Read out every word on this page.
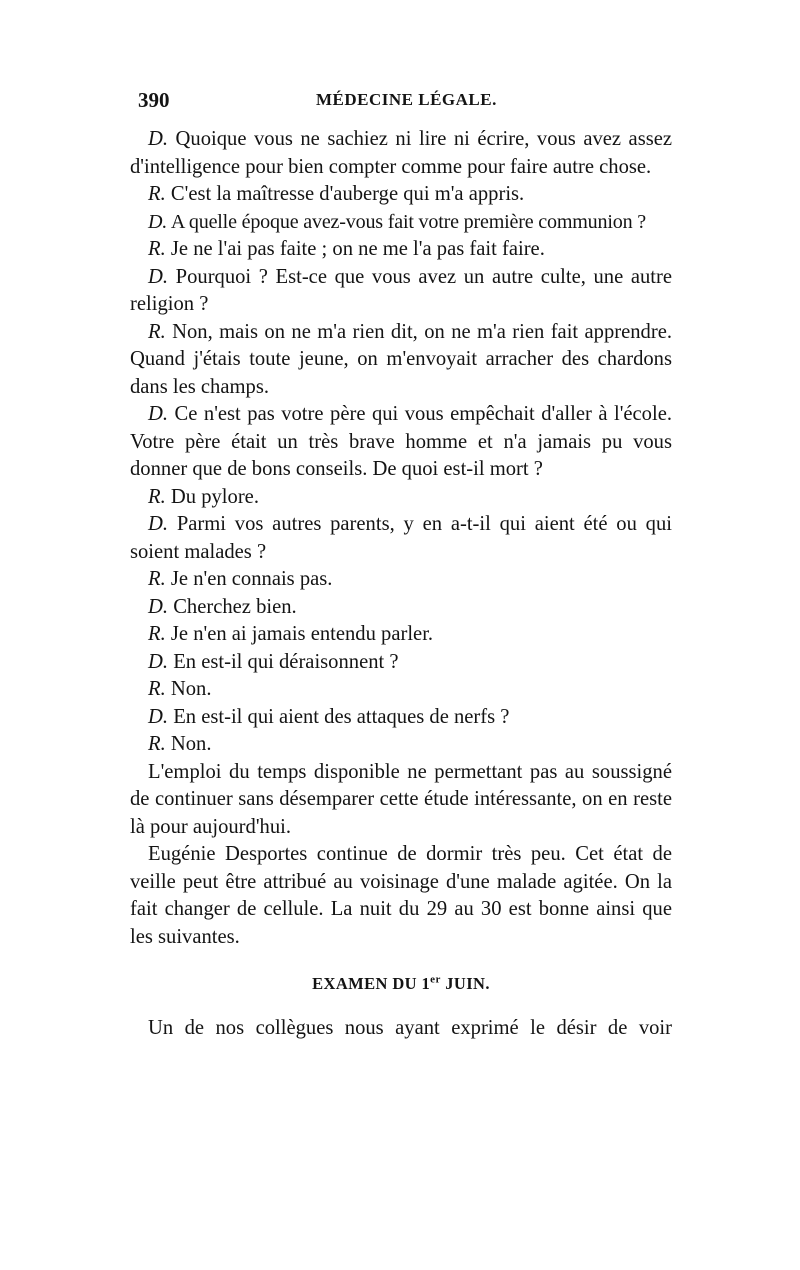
390	MÉDECINE LÉGALE.

D. Quoique vous ne sachiez ni lire ni écrire, vous avez assez d'intelligence pour bien compter comme pour faire autre chose.

R. C'est la maîtresse d'auberge qui m'a appris.

D. A quelle époque avez-vous fait votre première communion ?

R. Je ne l'ai pas faite ; on ne me l'a pas fait faire.

D. Pourquoi ? Est-ce que vous avez un autre culte, une autre religion ?

R. Non, mais on ne m'a rien dit, on ne m'a rien fait apprendre. Quand j'étais toute jeune, on m'envoyait arracher des chardons dans les champs.

D. Ce n'est pas votre père qui vous empêchait d'aller à l'école. Votre père était un très brave homme et n'a jamais pu vous donner que de bons conseils. De quoi est-il mort ?

R. Du pylore.

D. Parmi vos autres parents, y en a-t-il qui aient été ou qui soient malades ?

R. Je n'en connais pas.

D. Cherchez bien.

R. Je n'en ai jamais entendu parler.

D. En est-il qui déraisonnent ?

R. Non.

D. En est-il qui aient des attaques de nerfs ?

R. Non.

L'emploi du temps disponible ne permettant pas au soussigné de continuer sans désemparer cette étude intéressante, on en reste là pour aujourd'hui.

Eugénie Desportes continue de dormir très peu. Cet état de veille peut être attribué au voisinage d'une malade agitée. On la fait changer de cellule. La nuit du 29 au 30 est bonne ainsi que les suivantes.

EXAMEN DU 1er JUIN.

Un de nos collègues nous ayant exprimé le désir de voir
